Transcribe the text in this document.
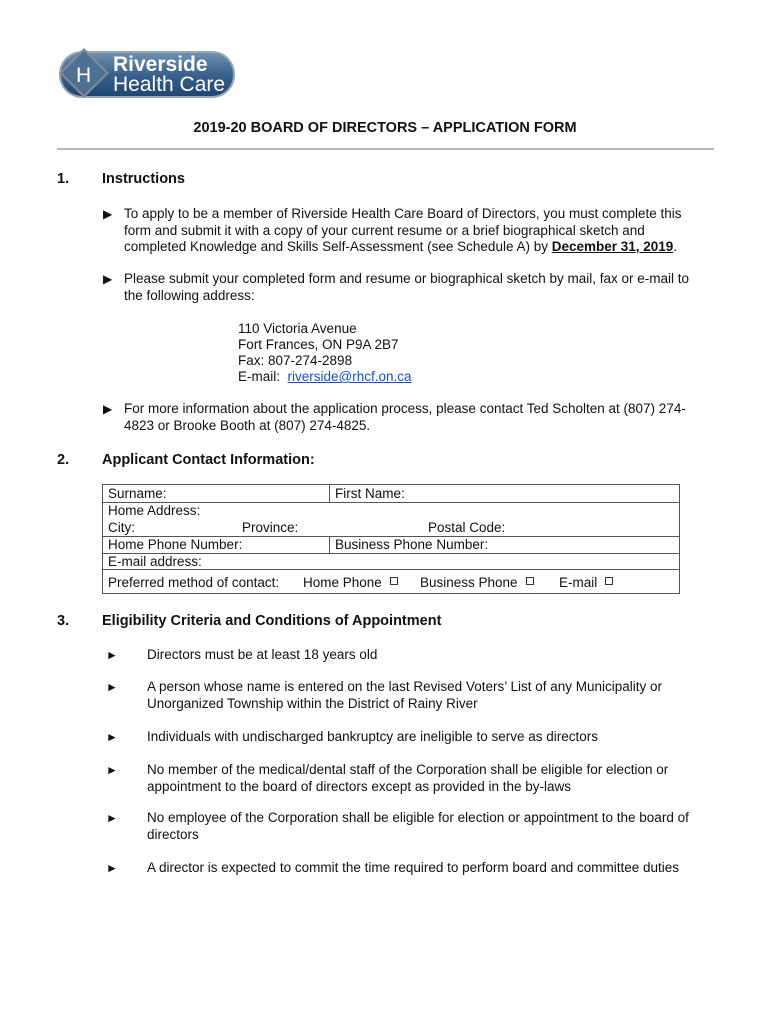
H Riverside
Health Care
2019-20 BOARD OF DIRECTORS – APPLICATION FORM
1. Instructions
▶ To apply to be a member of Riverside Health Care Board of Directors, you must complete this form and submit it with a copy of your current resume or a brief biographical sketch and completed Knowledge and Skills Self-Assessment (see Schedule A) by December 31, 2019.
▶ Please submit your completed form and resume or biographical sketch by mail, fax or e-mail to the following address:
110 Victoria Avenue
Fort Frances, ON P9A 2B7
Fax: 807-274-2898
E-mail: riverside@rhcf.on.ca
▶ For more information about the application process, please contact Ted Scholten at (807) 274-4823 or Brooke Booth at (807) 274-4825.
2. Applicant Contact Information:
Surname:	First Name:
Home Address:
City:	Province:	Postal Code:
Home Phone Number:	Business Phone Number:
E-mail address:
Preferred method of contact: Home Phone	Business Phone	E-mail
3. Eligibility Criteria and Conditions of Appointment
► Directors must be at least 18 years old
► A person whose name is entered on the last Revised Voters’ List of any Municipality or Unorganized Township within the District of Rainy River
► Individuals with undischarged bankruptcy are ineligible to serve as directors
► No member of the medical/dental staff of the Corporation shall be eligible for election or appointment to the board of directors except as provided in the by-laws
► No employee of the Corporation shall be eligible for election or appointment to the board of directors
► A director is expected to commit the time required to perform board and committee duties
